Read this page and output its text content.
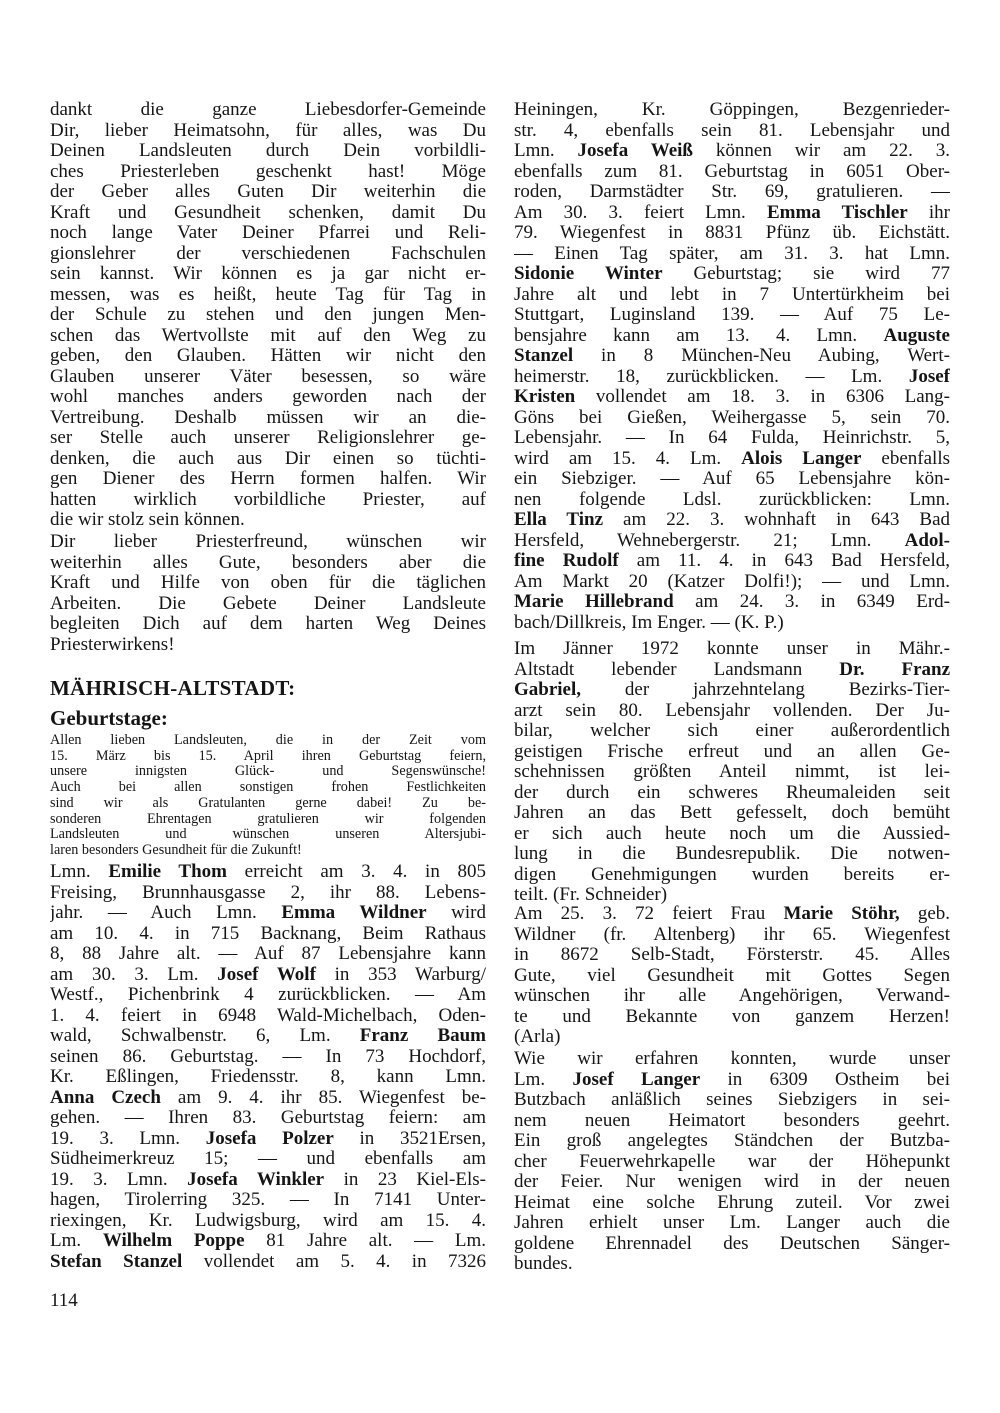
dankt die ganze Liebesdorfer-Gemeinde
Dir, lieber Heimatsohn, für alles, was Du
Deinen Landsleuten durch Dein vorbildli-
ches Priesterleben geschenkt hast! Möge
der Geber alles Guten Dir weiterhin die
Kraft und Gesundheit schenken, damit Du
noch lange Vater Deiner Pfarrei und Reli-
gionslehrer der verschiedenen Fachschulen
sein kannst. Wir können es ja gar nicht er-
messen, was es heißt, heute Tag für Tag in
der Schule zu stehen und den jungen Men-
schen das Wertvollste mit auf den Weg zu
geben, den Glauben. Hätten wir nicht den
Glauben unserer Väter besessen, so wäre
wohl manches anders geworden nach der
Vertreibung. Deshalb müssen wir an die-
ser Stelle auch unserer Religionslehrer ge-
denken, die auch aus Dir einen so tüchti-
gen Diener des Herrn formen halfen. Wir
hatten wirklich vorbildliche Priester, auf
die wir stolz sein können.
Dir lieber Priesterfreund, wünschen wir
weiterhin alles Gute, besonders aber die
Kraft und Hilfe von oben für die täglichen
Arbeiten. Die Gebete Deiner Landsleute
begleiten Dich auf dem harten Weg Deines
Priesterwirkens!
MÄHRISCH-ALTSTADT:
Geburtstage:
Allen lieben Landsleuten, die in der Zeit vom
15. März bis 15. April ihren Geburtstag feiern,
unsere innigsten Glück- und Segenswünsche!
Auch bei allen sonstigen frohen Festlichkeiten
sind wir als Gratulanten gerne dabei! Zu be-
sonderen Ehrentagen gratulieren wir folgenden
Landsleuten und wünschen unseren Altersjubi-
laren besonders Gesundheit für die Zukunft!
Lmn. Emilie Thom erreicht am 3. 4. in 805
Freising, Brunnhausgasse 2, ihr 88. Lebens-
jahr. — Auch Lmn. Emma Wildner wird
am 10. 4. in 715 Backnang, Beim Rathaus
8, 88 Jahre alt. — Auf 87 Lebensjahre kann
am 30. 3. Lm. Josef Wolf in 353 Warburg/
Westf., Pichenbrink 4 zurückblicken. — Am
1. 4. feiert in 6948 Wald-Michelbach, Oden-
wald, Schwalbenstr. 6, Lm. Franz Baum
seinen 86. Geburtstag. — In 73 Hochdorf,
Kr. Eßlingen, Friedensstr. 8, kann Lmn.
Anna Czech am 9. 4. ihr 85. Wiegenfest be-
gehen. — Ihren 83. Geburtstag feiern: am
19. 3. Lmn. Josefa Polzer in 3521Ersen,
Südheimerkreuz 15; — und ebenfalls am
19. 3. Lmn. Josefa Winkler in 23 Kiel-Els-
hagen, Tirolerring 325. — In 7141 Unter-
riexingen, Kr. Ludwigsburg, wird am 15. 4.
Lm. Wilhelm Poppe 81 Jahre alt. — Lm.
Stefan Stanzel vollendet am 5. 4. in 7326
114
Heiningen, Kr. Göppingen, Bezgenrieder-
str. 4, ebenfalls sein 81. Lebensjahr und
Lmn. Josefa Weiß können wir am 22. 3.
ebenfalls zum 81. Geburtstag in 6051 Ober-
roden, Darmstädter Str. 69, gratulieren. —
Am 30. 3. feiert Lmn. Emma Tischler ihr
79. Wiegenfest in 8831 Pfünz üb. Eichstätt.
— Einen Tag später, am 31. 3. hat Lmn.
Sidonie Winter Geburtstag; sie wird 77
Jahre alt und lebt in 7 Untertürkheim bei
Stuttgart, Luginsland 139. — Auf 75 Le-
bensjahre kann am 13. 4. Lmn. Auguste
Stanzel in 8 München-Neu Aubing, Wert-
heimerstr. 18, zurückblicken. — Lm. Josef
Kristen vollendet am 18. 3. in 6306 Lang-
Göns bei Gießen, Weihergasse 5, sein 70.
Lebensjahr. — In 64 Fulda, Heinrichstr. 5,
wird am 15. 4. Lm. Alois Langer ebenfalls
ein Siebziger. — Auf 65 Lebensjahre kön-
nen folgende Ldsl. zurückblicken: Lmn.
Ella Tinz am 22. 3. wohnhaft in 643 Bad
Hersfeld, Wehnebergerstr. 21; Lmn. Adol-
fine Rudolf am 11. 4. in 643 Bad Hersfeld,
Am Markt 20 (Katzer Dolfi!); — und Lmn.
Marie Hillebrand am 24. 3. in 6349 Erd-
bach/Dillkreis, Im Enger. — (K. P.)
Im Jänner 1972 konnte unser in Mähr.-
Altstadt lebender Landsmann Dr. Franz
Gabriel, der jahrzehntelang Bezirks-Tier-
arzt sein 80. Lebensjahr vollenden. Der Ju-
bilar, welcher sich einer außerordentlich
geistigen Frische erfreut und an allen Ge-
schehnissen größten Anteil nimmt, ist lei-
der durch ein schweres Rheumaleiden seit
Jahren an das Bett gefesselt, doch bemüht
er sich auch heute noch um die Aussied-
lung in die Bundesrepublik. Die notwen-
digen Genehmigungen wurden bereits er-
teilt. (Fr. Schneider)
Am 25. 3. 72 feiert Frau Marie Stöhr, geb.
Wildner (fr. Altenberg) ihr 65. Wiegenfest
in 8672 Selb-Stadt, Försterstr. 45. Alles
Gute, viel Gesundheit mit Gottes Segen
wünschen ihr alle Angehörigen, Verwand-
te und Bekannte von ganzem Herzen!
(Arla)
Wie wir erfahren konnten, wurde unser
Lm. Josef Langer in 6309 Ostheim bei
Butzbach anläßlich seines Siebzigers in sei-
nem neuen Heimatort besonders geehrt.
Ein groß angelegtes Ständchen der Butzba-
cher Feuerwehrkapelle war der Höhepunkt
der Feier. Nur wenigen wird in der neuen
Heimat eine solche Ehrung zuteil. Vor zwei
Jahren erhielt unser Lm. Langer auch die
goldene Ehrennadel des Deutschen Sänger-
bundes.
